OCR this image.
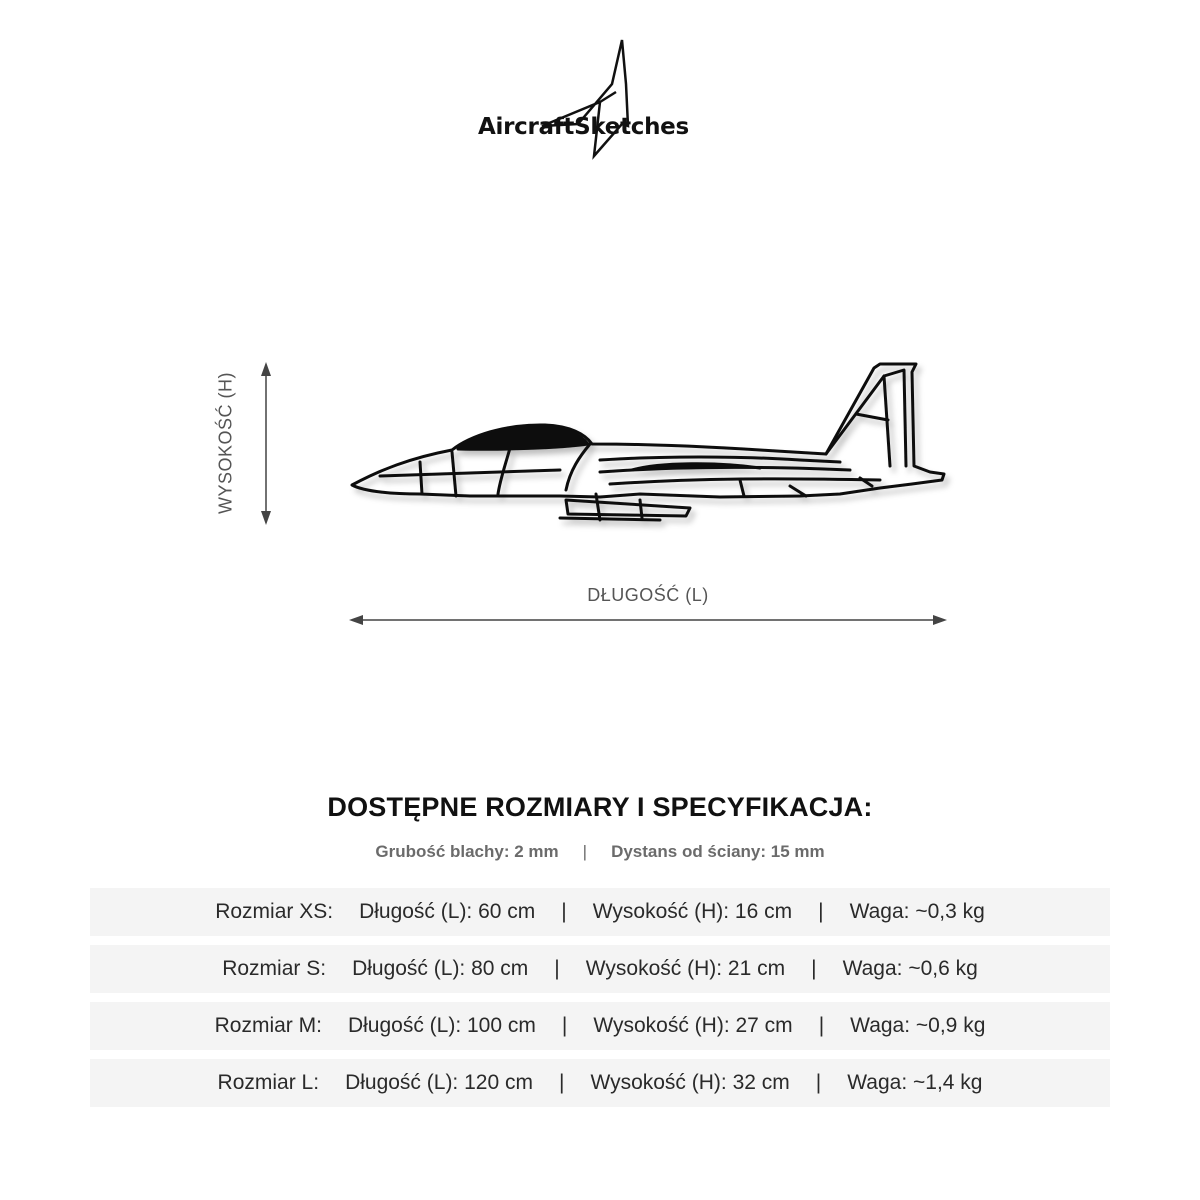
AircraftSketches
WYSOKOŚĆ (H)
DŁUGOŚĆ (L)
DOSTĘPNE ROZMIARY I SPECYFIKACJA:
Grubość blachy: 2 mm | Dystans od ściany: 15 mm
Rozmiar XS: Długość (L): 60 cm | Wysokość (H): 16 cm | Waga: ~0,3 kg
Rozmiar S: Długość (L): 80 cm | Wysokość (H): 21 cm | Waga: ~0,6 kg
Rozmiar M: Długość (L): 100 cm | Wysokość (H): 27 cm | Waga: ~0,9 kg
Rozmiar L: Długość (L): 120 cm | Wysokość (H): 32 cm | Waga: ~1,4 kg
